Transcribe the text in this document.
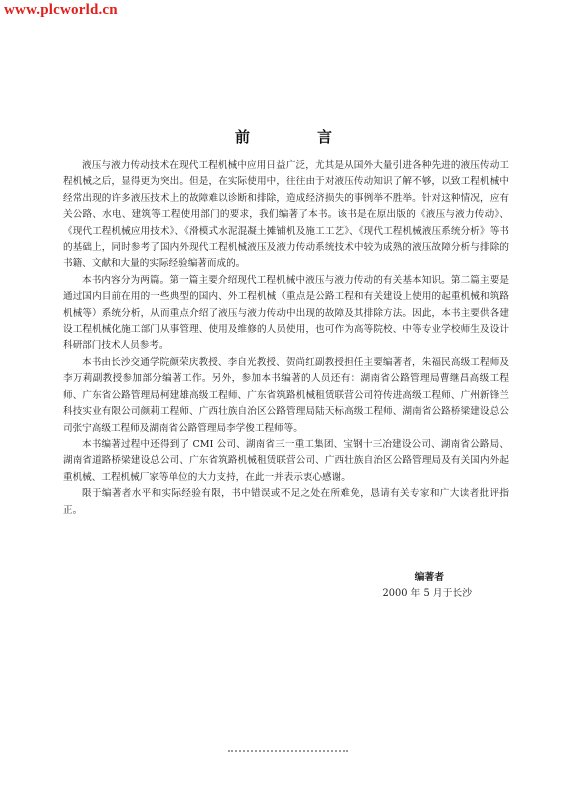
www.plcworld.cn
前　言

液压与液力传动技术在现代工程机械中应用日益广泛，尤其是从国外大量引进各种先进的液压传动工程机械之后，显得更为突出。但是，在实际使用中，往往由于对液压传动知识了解不够，以致工程机械中经常出现的许多液压技术上的故障难以诊断和排除，造成经济损失的事例举不胜举。针对这种情况，应有关公路、水电、建筑等工程使用部门的要求，我们编著了本书。该书是在原出版的《液压与液力传动》、《现代工程机械应用技术》、《滑模式水泥混凝土摊铺机及施工工艺》、《现代工程机械液压系统分析》等书的基础上，同时参考了国内外现代工程机械液压及液力传动系统技术中较为成熟的液压故障分析与排除的书籍、文献和大量的实际经验编著而成的。

本书内容分为两篇。第一篇主要介绍现代工程机械中液压与液力传动的有关基本知识。第二篇主要是通过国内目前在用的一些典型的国内、外工程机械（重点是公路工程和有关建设上使用的起重机械和筑路机械等）系统分析，从而重点介绍了液压与液力传动中出现的故障及其排除方法。因此，本书主要供各建设工程机械化施工部门从事管理、使用及维修的人员使用，也可作为高等院校、中等专业学校师生及设计科研部门技术人员参考。

本书由长沙交通学院颜荣庆教授、李自光教授、贺尚红副教授担任主要编著者，朱福民高级工程师及李万莉副教授参加部分编著工作。另外，参加本书编著的人员还有：湖南省公路管理局曹继昌高级工程师、广东省公路管理局柯建雄高级工程师、广东省筑路机械租赁联营公司符传进高级工程师、广州新锋兰科技实业有限公司颜莉工程师、广西壮族自治区公路管理局陆天标高级工程师、湖南省公路桥梁建设总公司张宁高级工程师及湖南省公路管理局李学俊工程师等。

本书编著过程中还得到了 CMI 公司、湖南省三一重工集团、宝钢十三冶建设公司、湖南省公路局、湖南省道路桥梁建设总公司、广东省筑路机械租赁联营公司、广西壮族自治区公路管理局及有关国内外起重机械、工程机械厂家等单位的大力支持，在此一并表示衷心感谢。

限于编著者水平和实际经验有限，书中错误或不足之处在所难免，恳请有关专家和广大读者批评指正。

编著者
2000 年 5 月于长沙
